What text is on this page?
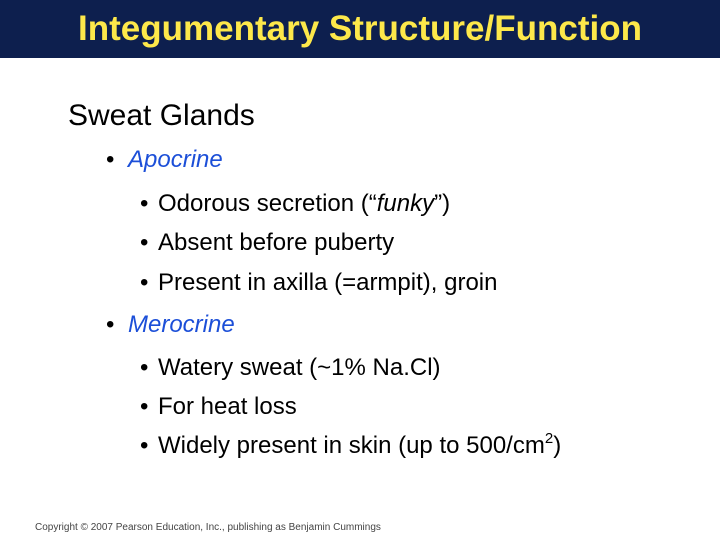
Integumentary Structure/Function
Sweat Glands
• Apocrine
• Odorous secretion (“funky”)
• Absent before puberty
• Present in axilla (=armpit), groin
• Merocrine
• Watery sweat (~1% Na.Cl)
• For heat loss
• Widely present in skin (up to $500/cm^2$)
Copyright © 2007 Pearson Education, Inc., publishing as Benjamin Cummings
